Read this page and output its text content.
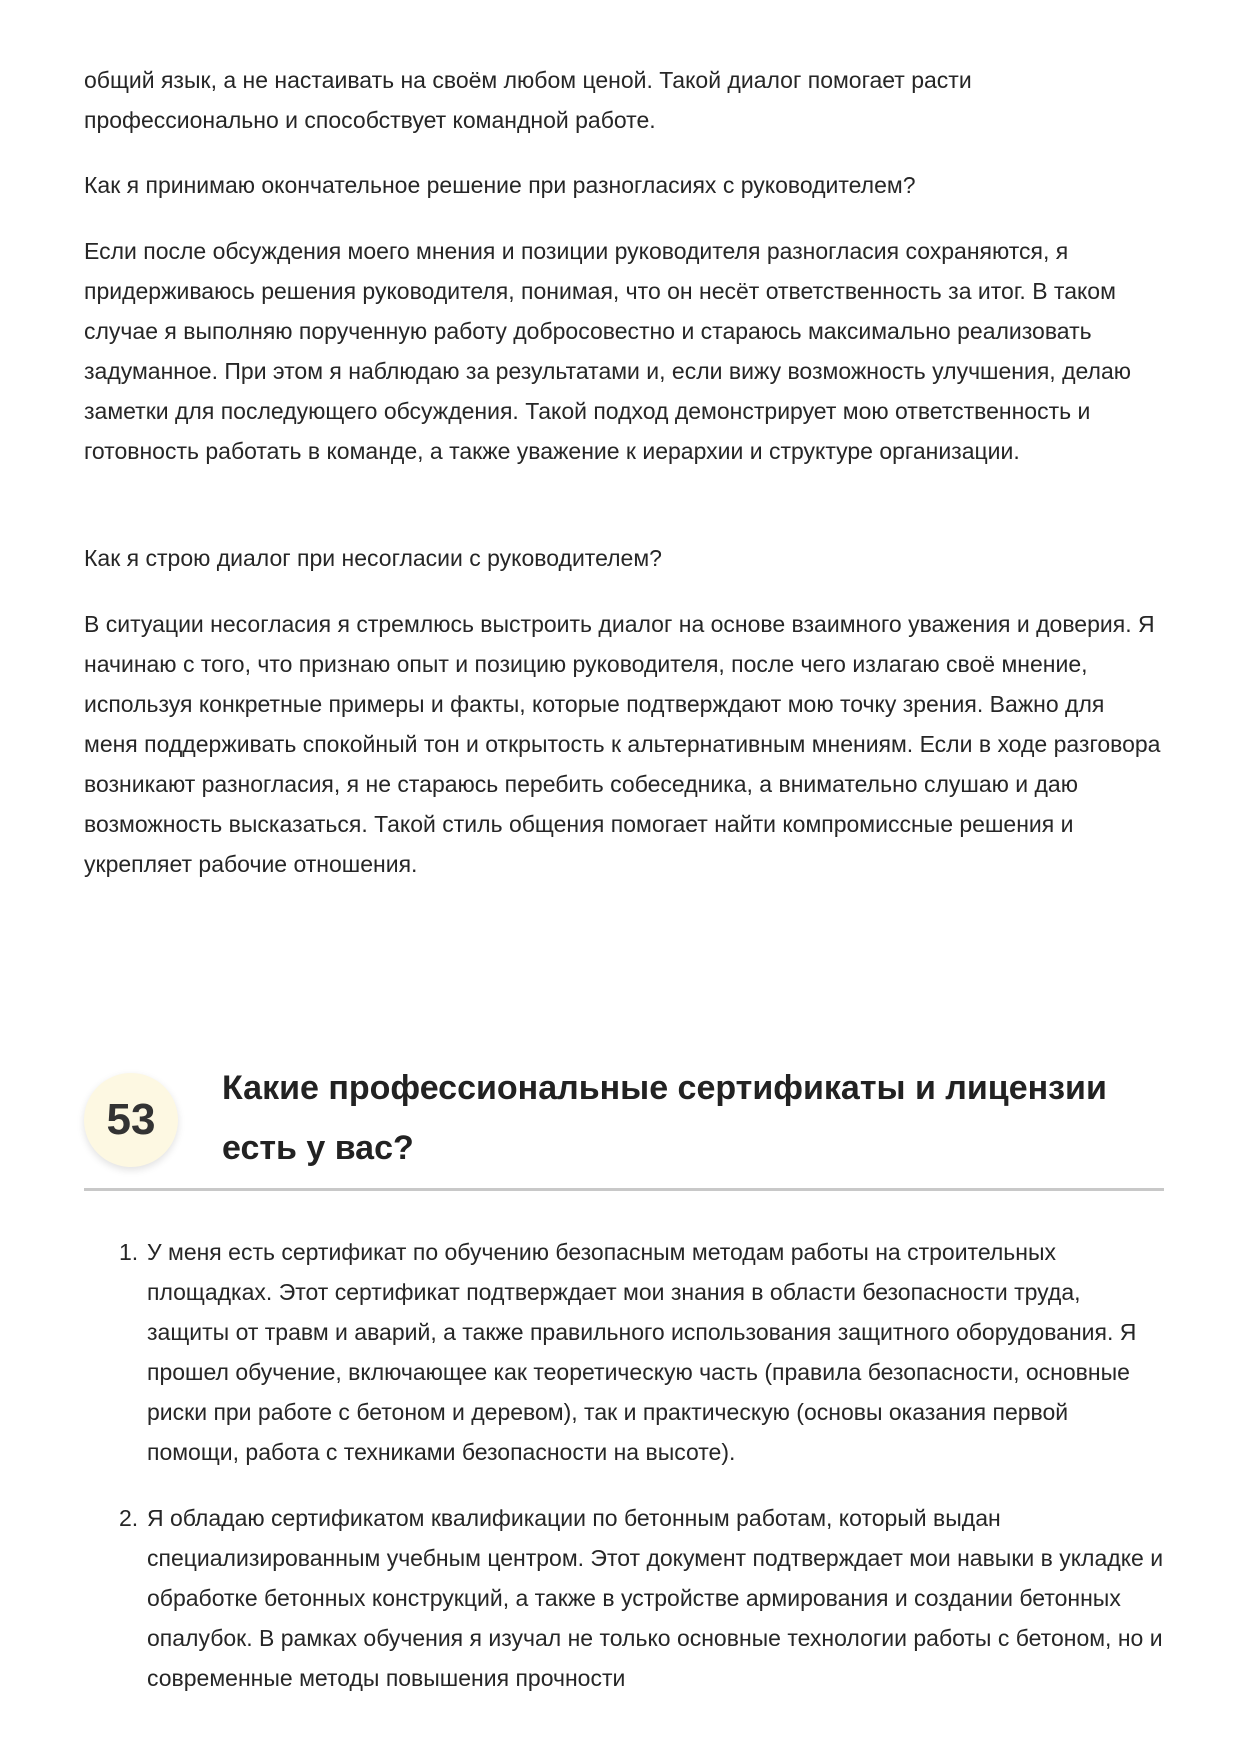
общий язык, а не настаивать на своём любом ценой. Такой диалог помогает расти профессионально и способствует командной работе.

Как я принимаю окончательное решение при разногласиях с руководителем?

Если после обсуждения моего мнения и позиции руководителя разногласия сохраняются, я придерживаюсь решения руководителя, понимая, что он несёт ответственность за итог. В таком случае я выполняю порученную работу добросовестно и стараюсь максимально реализовать задуманное. При этом я наблюдаю за результатами и, если вижу возможность улучшения, делаю заметки для последующего обсуждения. Такой подход демонстрирует мою ответственность и готовность работать в команде, а также уважение к иерархии и структуре организации.

Как я строю диалог при несогласии с руководителем?

В ситуации несогласия я стремлюсь выстроить диалог на основе взаимного уважения и доверия. Я начинаю с того, что признаю опыт и позицию руководителя, после чего излагаю своё мнение, используя конкретные примеры и факты, которые подтверждают мою точку зрения. Важно для меня поддерживать спокойный тон и открытость к альтернативным мнениям. Если в ходе разговора возникают разногласия, я не стараюсь перебить собеседника, а внимательно слушаю и даю возможность высказаться. Такой стиль общения помогает найти компромиссные решения и укрепляет рабочие отношения.

53
Какие профессиональные сертификаты и лицензии есть у вас?
1. У меня есть сертификат по обучению безопасным методам работы на строительных площадках. Этот сертификат подтверждает мои знания в области безопасности труда, защиты от травм и аварий, а также правильного использования защитного оборудования. Я прошел обучение, включающее как теоретическую часть (правила безопасности, основные риски при работе с бетоном и деревом), так и практическую (основы оказания первой помощи, работа с техниками безопасности на высоте).
2. Я обладаю сертификатом квалификации по бетонным работам, который выдан специализированным учебным центром. Этот документ подтверждает мои навыки в укладке и обработке бетонных конструкций, а также в устройстве армирования и создании бетонных опалубок. В рамках обучения я изучал не только основные технологии работы с бетоном, но и современные методы повышения прочности
